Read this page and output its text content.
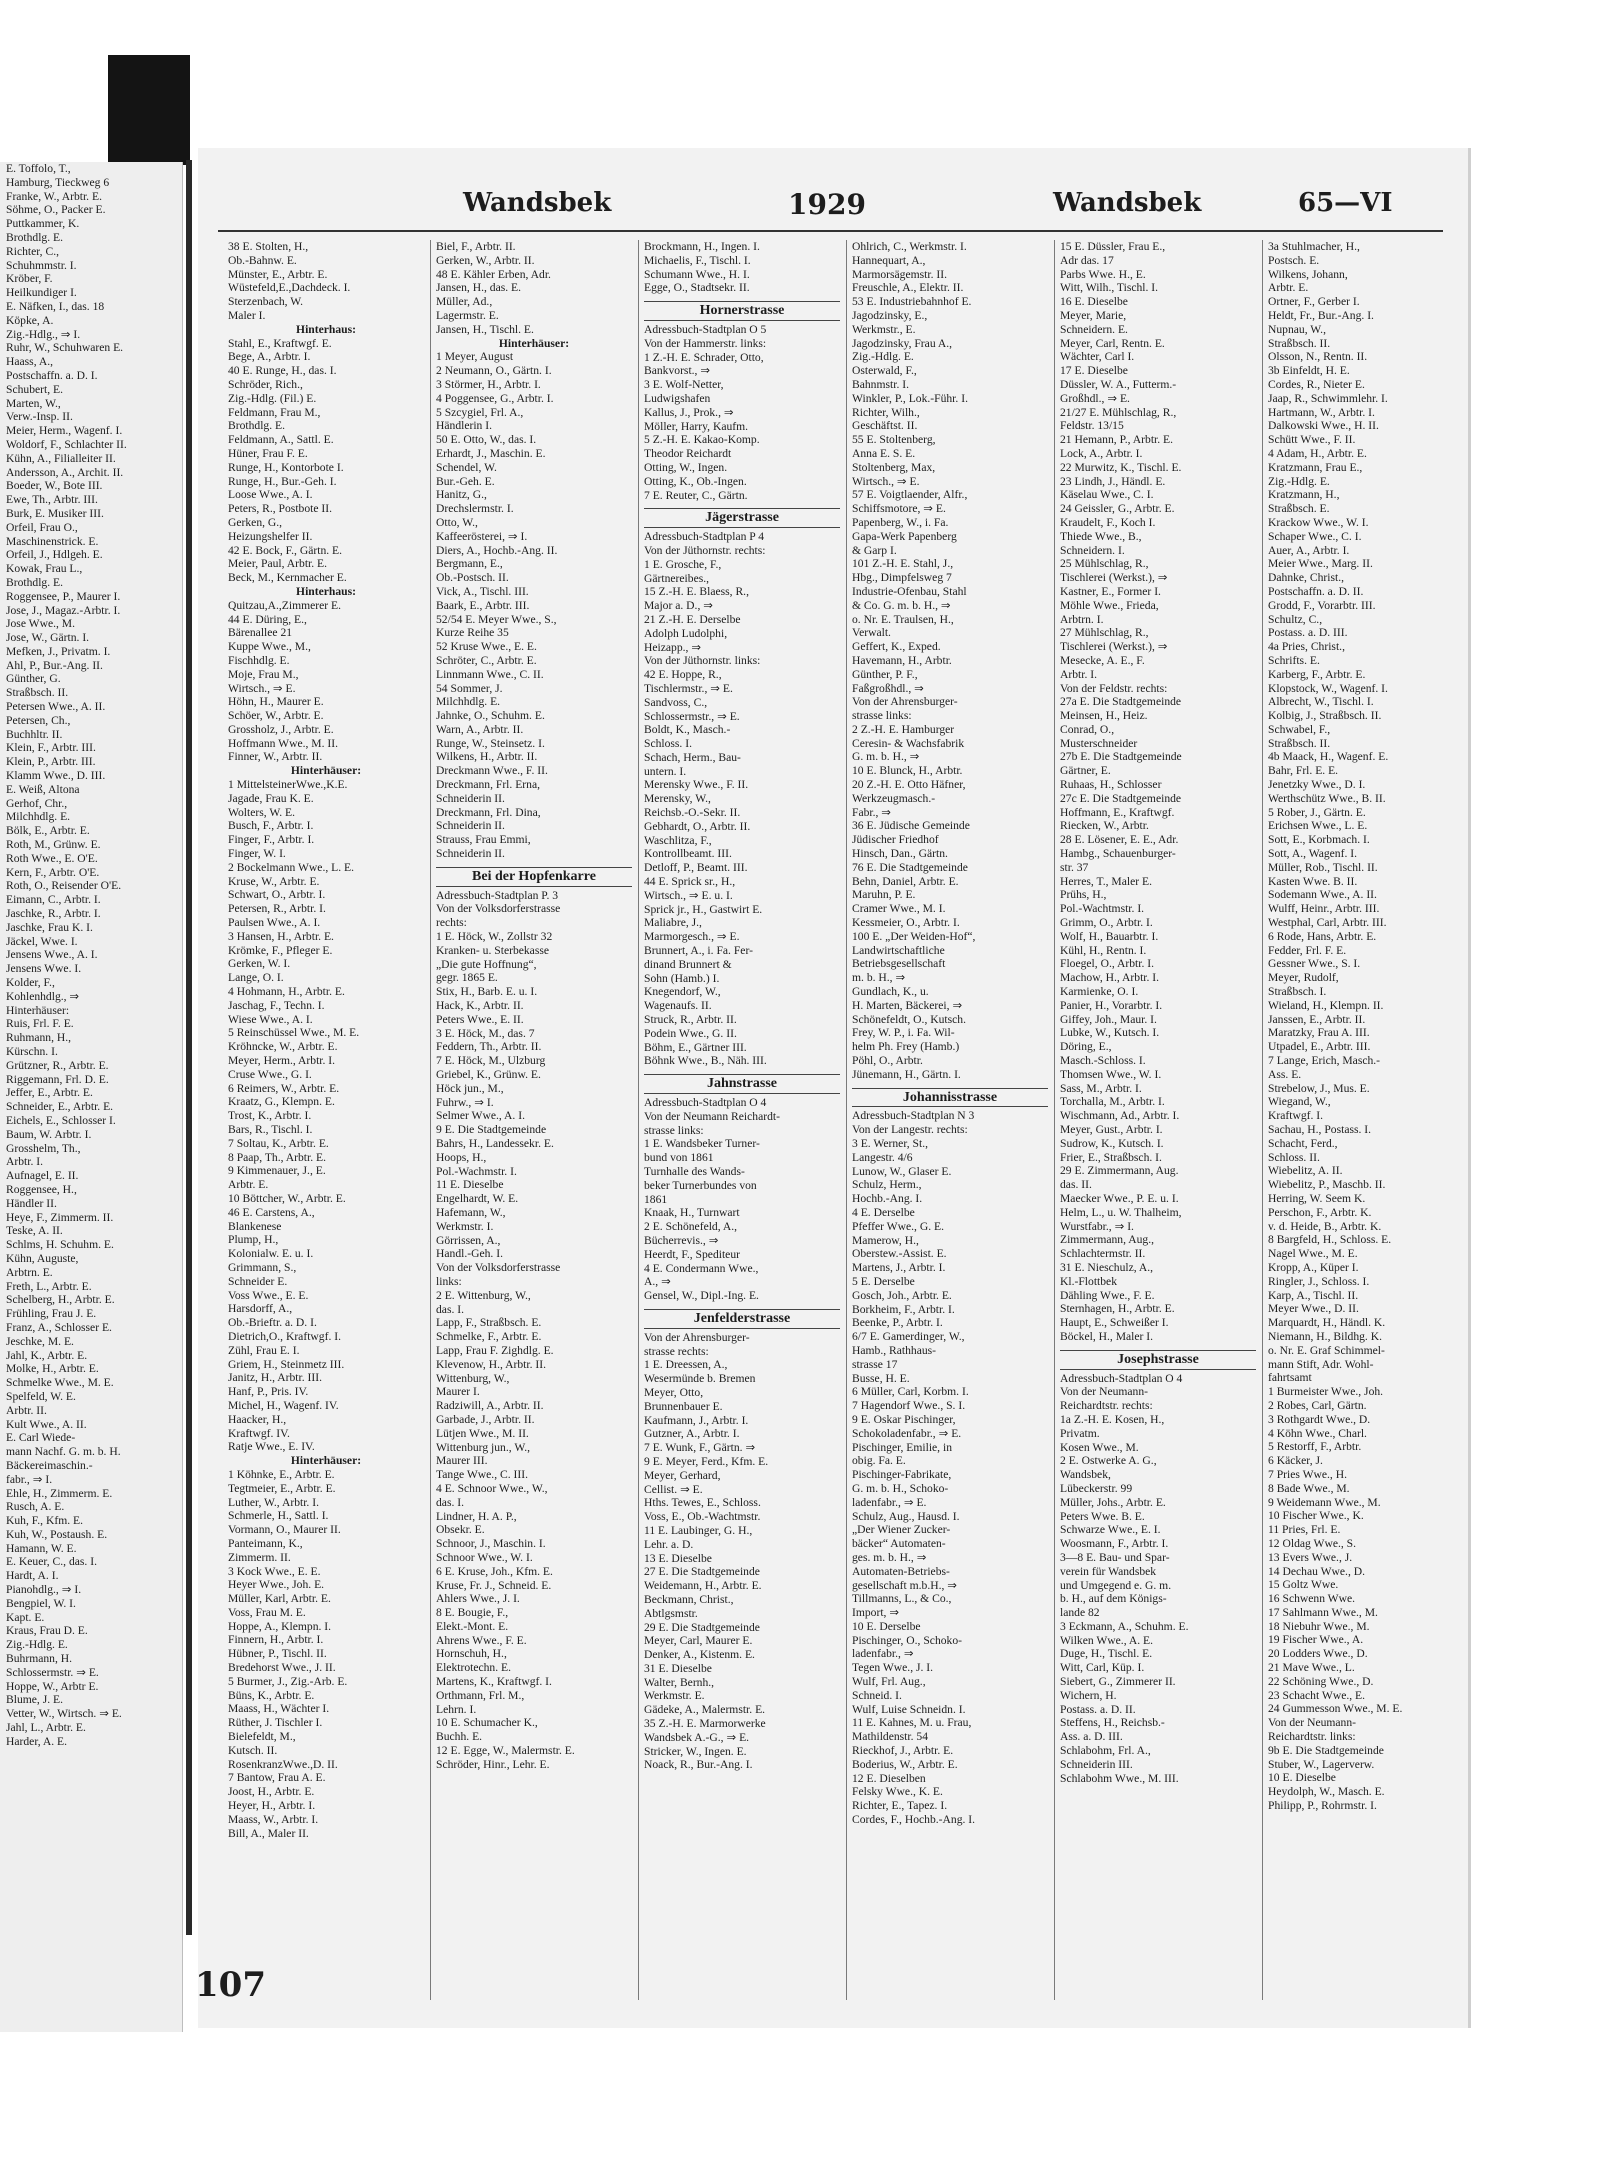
E. Toffolo, T.,

Hamburg, Tieckweg 6

Franke, W., Arbtr. E.

Söhme, O., Packer E.

Puttkammer, K.

Brothdlg. E.

Richter, C.,

Schuhmmstr. I.

Kröber, F.

Heilkundiger I.

E. Näfken, I., das. 18

Köpke, A.

Zig.-Hdlg., ⇒ I.

Ruhr, W., Schuhwaren E.

Haass, A.,

Postschaffn. a. D. I.

Schubert, E.

Marten, W.,

Verw.-Insp. II.

Meier, Herm., Wagenf. I.

Woldorf, F., Schlachter II.

Kühn, A., Filialleiter II.

Andersson, A., Archit. II.

Boeder, W., Bote III.

Ewe, Th., Arbtr. III.

Burk, E. Musiker III.

Orfeil, Frau O.,

Maschinenstrick. E.

Orfeil, J., Hdlgeh. E.

Kowak, Frau L.,

Brothdlg. E.

Roggensee, P., Maurer I.

Jose, J., Magaz.-Arbtr. I.

Jose Wwe., M.

Jose, W., Gärtn. I.

Mefken, J., Privatm. I.

Ahl, P., Bur.-Ang. II.

Günther, G.

Straßbsch. II.

Petersen Wwe., A. II.

Petersen, Ch.,

Buchhltr. II.

Klein, F., Arbtr. III.

Klein, P., Arbtr. III.

Klamm Wwe., D. III.

E. Weiß, Altona

Gerhof, Chr.,

Milchhdlg. E.

Bölk, E., Arbtr. E.

Roth, M., Grünw. E.

Roth Wwe., E. O'E.

Kern, F., Arbtr. O'E.

Roth, O., Reisender O'E.

Eimann, C., Arbtr. I.

Jaschke, R., Arbtr. I.

Jaschke, Frau K. I.

Jäckel, Wwe. I.

Jensens Wwe., A. I.

Jensens Wwe. I.

Kolder, F.,

Kohlenhdlg., ⇒

Hinterhäuser:

Ruis, Frl. F. E.

Ruhmann, H.,

Kürschn. I.

Grützner, R., Arbtr. E.

Riggemann, Frl. D. E.

Jeffer, E., Arbtr. E.

Schneider, E., Arbtr. E.

Eichels, E., Schlosser I.

Baum, W. Arbtr. I.

Grosshelm, Th.,

Arbtr. I.

Aufnagel, E. II.

Roggensee, H.,

Händler II.

Heye, F., Zimmerm. II.

Teske, A. II.

Schlms, H. Schuhm. E.

Kühn, Auguste,

Arbtrn. E.

Freth, L., Arbtr. E.

Schelberg, H., Arbtr. E.

Frühling, Frau J. E.

Franz, A., Schlosser E.

Jeschke, M. E.

Jahl, K., Arbtr. E.

Molke, H., Arbtr. E.

Schmelke Wwe., M. E.

Spelfeld, W. E.

Arbtr. II.

Kult Wwe., A. II.

E. Carl Wiede-

mann Nachf. G. m. b. H.

Bäckereimaschin.-

fabr., ⇒ I.

Ehle, H., Zimmerm. E.

Rusch, A. E.

Kuh, F., Kfm. E.

Kuh, W., Postaush. E.

Hamann, W. E.

E. Keuer, C., das. I.

Hardt, A. I.

Pianohdlg., ⇒ I.

Bengpiel, W. I.

Kapt. E.

Kraus, Frau D. E.

Zig.-Hdlg. E.

Buhrmann, H.

Schlossermstr. ⇒ E.

Hoppe, W., Arbtr E.

Blume, J. E.

Vetter, W., Wirtsch. ⇒ E.

Jahl, L., Arbtr. E.

Harder, A. E.

Wandsbek	1929	Wandsbek	65—VI

38 E. Stolten, H.,

Ob.-Bahnw. E.

Münster, E., Arbtr. E.

Wüstefeld,E.,Dachdeck. I.

Sterzenbach, W.

Maler I.

Hinterhaus:

Stahl, E., Kraftwgf. E.

Bege, A., Arbtr. I.

40 E. Runge, H., das. I.

Schröder, Rich.,

Zig.-Hdlg. (Fil.) E.

Feldmann, Frau M.,

Brothdlg. E.

Feldmann, A., Sattl. E.

Hüner, Frau F. E.

Runge, H., Kontorbote I.

Runge, H., Bur.-Geh. I.

Loose Wwe., A. I.

Peters, R., Postbote II.

Gerken, G.,

Heizungshelfer II.

42 E. Bock, F., Gärtn. E.

Meier, Paul, Arbtr. E.

Beck, M., Kernmacher E.

Hinterhaus:

Quitzau,A.,Zimmerer E.

44 E. Düring, E.,

Bärenallee 21

Kuppe Wwe., M.,

Fischhdlg. E.

Moje, Frau M.,

Wirtsch., ⇒ E.

Höhn, H., Maurer E.

Schöer, W., Arbtr. E.

Grossholz, J., Arbtr. E.

Hoffmann Wwe., M. II.

Finner, W., Arbtr. II.

Hinterhäuser:

1 MittelsteinerWwe.,K.E.

Jagade, Frau K. E.

Wolters, W. E.

Busch, F., Arbtr. I.

Finger, F., Arbtr. I.

Finger, W. I.

2 Bockelmann Wwe., L. E.

Kruse, W., Arbtr. E.

Schwart, O., Arbtr. I.

Petersen, R., Arbtr. I.

Paulsen Wwe., A. I.

3 Hansen, H., Arbtr. E.

Krömke, F., Pfleger E.

Gerken, W. I.

Lange, O. I.

4 Hohmann, H., Arbtr. E.

Jaschag, F., Techn. I.

Wiese Wwe., A. I.

5 Reinschüssel Wwe., M. E.

Kröhncke, W., Arbtr. E.

Meyer, Herm., Arbtr. I.

Cruse Wwe., G. I.

6 Reimers, W., Arbtr. E.

Kraatz, G., Klempn. E.

Trost, K., Arbtr. I.

Bars, R., Tischl. I.

7 Soltau, K., Arbtr. E.

8 Paap, Th., Arbtr. E.

9 Kimmenauer, J., E.

Arbtr. E.

10 Böttcher, W., Arbtr. E.

46 E. Carstens, A.,

Blankenese

Plump, H.,

Kolonialw. E. u. I.

Grimmann, S.,

Schneider E.

Voss Wwe., E. E.

Harsdorff, A.,

Ob.-Brieftr. a. D. I.

Dietrich,O., Kraftwgf. I.

Zühl, Frau E. I.

Griem, H., Steinmetz III.

Janitz, H., Arbtr. III.

Hanf, P., Pris. IV.

Michel, H., Wagenf. IV.

Haacker, H.,

Kraftwgf. IV.

Ratje Wwe., E. IV.

Hinterhäuser:

1 Köhnke, E., Arbtr. E.

Tegtmeier, E., Arbtr. E.

Luther, W., Arbtr. I.

Schmerle, H., Sattl. I.

Vormann, O., Maurer II.

Panteimann, K.,

Zimmerm. II.

3 Kock Wwe., E. E.

Heyer Wwe., Joh. E.

Müller, Karl, Arbtr. E.

Voss, Frau M. E.

Hoppe, A., Klempn. I.

Finnern, H., Arbtr. I.

Hübner, P., Tischl. II.

Bredehorst Wwe., J. II.

5 Burmer, J., Zig.-Arb. E.

Büns, K., Arbtr. E.

Maass, H., Wächter I.

Rüther, J. Tischler I.

Bielefeldt, M.,

Kutsch. II.

RosenkranzWwe.,D. II.

7 Bantow, Frau A. E.

Joost, H., Arbtr. E.

Heyer, H., Arbtr. I.

Maass, W., Arbtr. I.

Bill, A., Maler II.

Biel, F., Arbtr. II.

Gerken, W., Arbtr. II.

48 E. Kähler Erben, Adr.

Jansen, H., das. E.

Müller, Ad.,

Lagermstr. E.

Jansen, H., Tischl. E.

Hinterhäuser:

1 Meyer, August

2 Neumann, O., Gärtn. I.

3 Störmer, H., Arbtr. I.

4 Poggensee, G., Arbtr. I.

5 Szcygiel, Frl. A.,

Händlerin I.

50 E. Otto, W., das. I.

Erhardt, J., Maschin. E.

Schendel, W.

Bur.-Geh. E.

Hanitz, G.,

Drechslermstr. I.

Otto, W.,

Kaffeerösterei, ⇒ I.

Diers, A., Hochb.-Ang. II.

Bergmann, E.,

Ob.-Postsch. II.

Vick, A., Tischl. III.

Baark, E., Arbtr. III.

52/54 E. Meyer Wwe., S.,

Kurze Reihe 35

52 Kruse Wwe., E. E.

Schröter, C., Arbtr. E.

Linnmann Wwe., C. II.

54 Sommer, J.

Milchhdlg. E.

Jahnke, O., Schuhm. E.

Warn, A., Arbtr. II.

Runge, W., Steinsetz. I.

Wilkens, H., Arbtr. II.

Dreckmann Wwe., F. II.

Dreckmann, Frl. Erna,

Schneiderin II.

Dreckmann, Frl. Dina,

Schneiderin II.

Strauss, Frau Emmi,

Schneiderin II.

Bei der Hopfenkarre

Adressbuch-Stadtplan P. 3

Von der Volksdorferstrasse

rechts:

1 E. Höck, W., Zollstr 32

Kranken- u. Sterbekasse

„Die gute Hoffnung“,

gegr. 1865 E.

Stix, H., Barb. E. u. I.

Hack, K., Arbtr. II.

Peters Wwe., E. II.

3 E. Höck, M., das. 7

Feddern, Th., Arbtr. II.

7 E. Höck, M., Ulzburg

Griebel, K., Grünw. E.

Höck jun., M.,

Fuhrw., ⇒ I.

Selmer Wwe., A. I.

9 E. Die Stadtgemeinde

Bahrs, H., Landessekr. E.

Hoops, H.,

Pol.-Wachmstr. I.

11 E. Dieselbe

Engelhardt, W. E.

Hafemann, W.,

Werkmstr. I.

Görrissen, A.,

Handl.-Geh. I.

Von der Volksdorferstrasse

links:

2 E. Wittenburg, W.,

das. I.

Lapp, F., Straßbsch. E.

Schmelke, F., Arbtr. E.

Lapp, Frau F. Zighdlg. E.

Klevenow, H., Arbtr. II.

Wittenburg, W.,

Maurer I.

Radziwill, A., Arbtr. II.

Garbade, J., Arbtr. II.

Lütjen Wwe., M. II.

Wittenburg jun., W.,

Maurer III.

Tange Wwe., C. III.

4 E. Schnoor Wwe., W.,

das. I.

Lindner, H. A. P.,

Obsekr. E.

Schnoor, J., Maschin. I.

Schnoor Wwe., W. I.

6 E. Kruse, Joh., Kfm. E.

Kruse, Fr. J., Schneid. E.

Ahlers Wwe., J. I.

8 E. Bougie, F.,

Elekt.-Mont. E.

Ahrens Wwe., F. E.

Hornschuh, H.,

Elektrotechn. E.

Martens, K., Kraftwgf. I.

Orthmann, Frl. M.,

Lehrn. I.

10 E. Schumacher K.,

Buchh. E.

12 E. Egge, W., Malermstr. E.

Schröder, Hinr., Lehr. E.

Brockmann, H., Ingen. I.

Michaelis, F., Tischl. I.

Schumann Wwe., H. I.

Egge, O., Stadtsekr. II.

Hornerstrasse

Adressbuch-Stadtplan O 5

Von der Hammerstr. links:

1 Z.-H. E. Schrader, Otto,

Bankvorst., ⇒

3 E. Wolf-Netter,

Ludwigshafen

Kallus, J., Prok., ⇒

Möller, Harry, Kaufm.

5 Z.-H. E. Kakao-Komp.

Theodor Reichardt

Otting, W., Ingen.

Otting, K., Ob.-Ingen.

7 E. Reuter, C., Gärtn.

Jägerstrasse

Adressbuch-Stadtplan P 4

Von der Jüthornstr. rechts:

1 E. Grosche, F.,

Gärtnereibes.,

15 Z.-H. E. Blaess, R.,

Major a. D., ⇒

21 Z.-H. E. Derselbe

Adolph Ludolphi,

Heizapp., ⇒

Von der Jüthornstr. links:

42 E. Hoppe, R.,

Tischlermstr., ⇒ E.

Sandvoss, C.,

Schlossermstr., ⇒ E.

Boldt, K., Masch.-

Schloss. I.

Schach, Herm., Bau-

untern. I.

Merensky Wwe., F. II.

Merensky, W.,

Reichsb.-O.-Sekr. II.

Gebhardt, O., Arbtr. II.

Waschlitza, F.,

Kontrollbeamt. III.

Detloff, P., Beamt. III.

44 E. Sprick sr., H.,

Wirtsch., ⇒ E. u. I.

Sprick jr., H., Gastwirt E.

Maliabre, J.,

Marmorgesch., ⇒ E.

Brunnert, A., i. Fa. Fer-

dinand Brunnert &

Sohn (Hamb.) I.

Knegendorf, W.,

Wagenaufs. II.

Struck, R., Arbtr. II.

Podein Wwe., G. II.

Böhm, E., Gärtner III.

Böhnk Wwe., B., Näh. III.

Jahnstrasse

Adressbuch-Stadtplan O 4

Von der Neumann Reichardt-

strasse links:

1 E. Wandsbeker Turner-

bund von 1861

Turnhalle des Wands-

beker Turnerbundes von

1861

Knaak, H., Turnwart

2 E. Schönefeld, A.,

Bücherrevis., ⇒

Heerdt, F., Spediteur

4 E. Condermann Wwe.,

A., ⇒

Gensel, W., Dipl.-Ing. E.

Jenfelderstrasse

Von der Ahrensburger-

strasse rechts:

1 E. Dreessen, A.,

Wesermünde b. Bremen

Meyer, Otto,

Brunnenbauer E.

Kaufmann, J., Arbtr. I.

Gutzner, A., Arbtr. I.

7 E. Wunk, F., Gärtn. ⇒

9 E. Meyer, Ferd., Kfm. E.

Meyer, Gerhard,

Cellist. ⇒ E.

Hths. Tewes, E., Schloss.

Voss, E., Ob.-Wachtmstr.

11 E. Laubinger, G. H.,

Lehr. a. D.

13 E. Dieselbe

27 E. Die Stadtgemeinde

Weidemann, H., Arbtr. E.

Beckmann, Christ.,

Abtlgsmstr.

29 E. Die Stadtgemeinde

Meyer, Carl, Maurer E.

Denker, A., Kistenm. E.

31 E. Dieselbe

Walter, Bernh.,

Werkmstr. E.

Gädeke, A., Malermstr. E.

35 Z.-H. E. Marmorwerke

Wandsbek A.-G., ⇒ E.

Stricker, W., Ingen. E.

Noack, R., Bur.-Ang. I.

Ohlrich, C., Werkmstr. I.

Hannequart, A.,

Marmorsägemstr. II.

Freuschle, A., Elektr. II.

53 E. Industriebahnhof E.

Jagodzinsky, E.,

Werkmstr., E.

Jagodzinsky, Frau A.,

Zig.-Hdlg. E.

Osterwald, F.,

Bahnmstr. I.

Winkler, P., Lok.-Führ. I.

Richter, Wilh.,

Geschäftst. II.

55 E. Stoltenberg,

Anna E. S. E.

Stoltenberg, Max,

Wirtsch., ⇒ E.

57 E. Voigtlaender, Alfr.,

Schiffsmotore, ⇒ E.

Papenberg, W., i. Fa.

Gapa-Werk Papenberg

& Garp I.

101 Z.-H. E. Stahl, J.,

Hbg., Dimpfelsweg 7

Industrie-Ofenbau, Stahl

& Co. G. m. b. H., ⇒

o. Nr. E. Traulsen, H.,

Verwalt.

Geffert, K., Exped.

Havemann, H., Arbtr.

Günther, P. F.,

Faßgroßhdl., ⇒

Von der Ahrensburger-

strasse links:

2 Z.-H. E. Hamburger

Ceresin- & Wachsfabrik

G. m. b. H., ⇒

10 E. Blunck, H., Arbtr.

20 Z.-H. E. Otto Häfner,

Werkzeugmasch.-

Fabr., ⇒

36 E. Jüdische Gemeinde

Jüdischer Friedhof

Hinsch, Dan., Gärtn.

76 E. Die Stadtgemeinde

Behn, Daniel, Arbtr. E.

Maruhn, P. E.

Cramer Wwe., M. I.

Kessmeier, O., Arbtr. I.

100 E. „Der Weiden-Hof“,

Landwirtschaftliche

Betriebsgesellschaft

m. b. H., ⇒

Gundlach, K., u.

H. Marten, Bäckerei, ⇒

Schönefeldt, O., Kutsch.

Frey, W. P., i. Fa. Wil-

helm Ph. Frey (Hamb.)

Pöhl, O., Arbtr.

Jünemann, H., Gärtn. I.

Johannisstrasse

Adressbuch-Stadtplan N 3

Von der Langestr. rechts:

3 E. Werner, St.,

Langestr. 4/6

Lunow, W., Glaser E.

Schulz, Herm.,

Hochb.-Ang. I.

4 E. Derselbe

Pfeffer Wwe., G. E.

Mamerow, H.,

Oberstew.-Assist. E.

Martens, J., Arbtr. I.

5 E. Derselbe

Gosch, Joh., Arbtr. E.

Borkheim, F., Arbtr. I.

Beenke, P., Arbtr. I.

6/7 E. Gamerdinger, W.,

Hamb., Rathhaus-

strasse 17

Busse, H. E.

6 Müller, Carl, Korbm. I.

7 Hagendorf Wwe., S. I.

9 E. Oskar Pischinger,

Schokoladenfabr., ⇒ E.

Pischinger, Emilie, in

obig. Fa. E.

Pischinger-Fabrikate,

G. m. b. H., Schoko-

ladenfabr., ⇒ E.

Schulz, Aug., Hausd. I.

„Der Wiener Zucker-

bäcker“ Automaten-

ges. m. b. H., ⇒

Automaten-Betriebs-

gesellschaft m.b.H., ⇒

Tillmanns, L., & Co.,

Import, ⇒

10 E. Derselbe

Pischinger, O., Schoko-

ladenfabr., ⇒

Tegen Wwe., J. I.

Wulf, Frl. Aug.,

Schneid. I.

Wulf, Luise Schneidn. I.

11 E. Kahnes, M. u. Frau,

Mathildenstr. 54

Rieckhof, J., Arbtr. E.

Boderius, W., Arbtr. E.

12 E. Dieselben

Felsky Wwe., K. E.

Richter, E., Tapez. I.

Cordes, F., Hochb.-Ang. I.

15 E. Düssler, Frau E.,

Adr das. 17

Parbs Wwe. H., E.

Witt, Wilh., Tischl. I.

16 E. Dieselbe

Meyer, Marie,

Schneidern. E.

Meyer, Carl, Rentn. E.

Wächter, Carl I.

17 E. Dieselbe

Düssler, W. A., Futterm.-

Großhdl., ⇒ E.

21/27 E. Mühlschlag, R.,

Feldstr. 13/15

21 Hemann, P., Arbtr. E.

Lock, A., Arbtr. I.

22 Murwitz, K., Tischl. E.

23 Lindh, J., Händl. E.

Käselau Wwe., C. I.

24 Geissler, G., Arbtr. E.

Kraudelt, F., Koch I.

Thiede Wwe., B.,

Schneidern. I.

25 Mühlschlag, R.,

Tischlerei (Werkst.), ⇒

Kastner, E., Former I.

Möhle Wwe., Frieda,

Arbtrn. I.

27 Mühlschlag, R.,

Tischlerei (Werkst.), ⇒

Mesecke, A. E., F.

Arbtr. I.

Von der Feldstr. rechts:

27a E. Die Stadtgemeinde

Meinsen, H., Heiz.

Conrad, O.,

Musterschneider

27b E. Die Stadtgemeinde

Gärtner, E.

Ruhaas, H., Schlosser

27c E. Die Stadtgemeinde

Hoffmann, E., Kraftwgf.

Riecken, W., Arbtr.

28 E. Lösener, E. E., Adr.

Hambg., Schauenburger-

str. 37

Herres, T., Maler E.

Prühs, H.,

Pol.-Wachtmstr. I.

Grimm, O., Arbtr. I.

Wolf, H., Bauarbtr. I.

Kühl, H., Rentn. I.

Floegel, O., Arbtr. I.

Machow, H., Arbtr. I.

Karmienke, O. I.

Panier, H., Vorarbtr. I.

Giffey, Joh., Maur. I.

Lubke, W., Kutsch. I.

Döring, E.,

Masch.-Schloss. I.

Thomsen Wwe., W. I.

Sass, M., Arbtr. I.

Torchalla, M., Arbtr. I.

Wischmann, Ad., Arbtr. I.

Meyer, Gust., Arbtr. I.

Sudrow, K., Kutsch. I.

Frier, E., Straßbsch. I.

29 E. Zimmermann, Aug.

das. II.

Maecker Wwe., P. E. u. I.

Helm, L., u. W. Thalheim,

Wurstfabr., ⇒ I.

Zimmermann, Aug.,

Schlachtermstr. II.

31 E. Nieschulz, A.,

Kl.-Flottbek

Dähling Wwe., F. E.

Sternhagen, H., Arbtr. E.

Haupt, E., Schweißer I.

Böckel, H., Maler I.

Josephstrasse

Adressbuch-Stadtplan O 4

Von der Neumann-

Reichardtstr. rechts:

1a Z.-H. E. Kosen, H.,

Privatm.

Kosen Wwe., M.

2 E. Ostwerke A. G.,

Wandsbek,

Lübeckerstr. 99

Müller, Johs., Arbtr. E.

Peters Wwe. B. E.

Schwarze Wwe., E. I.

Woosmann, F., Arbtr. I.

3—8 E. Bau- und Spar-

verein für Wandsbek

und Umgegend e. G. m.

b. H., auf dem Königs-

lande 82

3 Eckmann, A., Schuhm. E.

Wilken Wwe., A. E.

Duge, H., Tischl. E.

Witt, Carl, Küp. I.

Siebert, G., Zimmerer II.

Wichern, H.

Postass. a. D. II.

Steffens, H., Reichsb.-

Ass. a. D. III.

Schlabohm, Frl. A.,

Schneiderin III.

Schlabohm Wwe., M. III.

3a Stuhlmacher, H.,

Postsch. E.

Wilkens, Johann,

Arbtr. E.

Ortner, F., Gerber I.

Heldt, Fr., Bur.-Ang. I.

Nupnau, W.,

Straßbsch. II.

Olsson, N., Rentn. II.

3b Einfeldt, H. E.

Cordes, R., Nieter E.

Jaap, R., Schwimmlehr. I.

Hartmann, W., Arbtr. I.

Dalkowski Wwe., H. II.

Schütt Wwe., F. II.

4 Adam, H., Arbtr. E.

Kratzmann, Frau E.,

Zig.-Hdlg. E.

Kratzmann, H.,

Straßbsch. E.

Krackow Wwe., W. I.

Schaper Wwe., C. I.

Auer, A., Arbtr. I.

Meier Wwe., Marg. II.

Dahnke, Christ.,

Postschaffn. a. D. II.

Grodd, F., Vorarbtr. III.

Schultz, C.,

Postass. a. D. III.

4a Pries, Christ.,

Schrifts. E.

Karberg, F., Arbtr. E.

Klopstock, W., Wagenf. I.

Albrecht, W., Tischl. I.

Kolbig, J., Straßbsch. II.

Schwabel, F.,

Straßbsch. II.

4b Maack, H., Wagenf. E.

Bahr, Frl. E. E.

Jenetzky Wwe., D. I.

Werthschütz Wwe., B. II.

5 Rober, J., Gärtn. E.

Erichsen Wwe., L. E.

Sott, E., Korbmach. I.

Sott, A., Wagenf. I.

Müller, Rob., Tischl. II.

Kasten Wwe. B. II.

Sodemann Wwe., A. II.

Wulff, Heinr., Arbtr. III.

Westphal, Carl, Arbtr. III.

6 Rode, Hans, Arbtr. E.

Fedder, Frl. F. E.

Gessner Wwe., S. I.

Meyer, Rudolf,

Straßbsch. I.

Wieland, H., Klempn. II.

Janssen, E., Arbtr. II.

Maratzky, Frau A. III.

Utpadel, E., Arbtr. III.

7 Lange, Erich, Masch.-

Ass. E.

Strebelow, J., Mus. E.

Wiegand, W.,

Kraftwgf. I.

Sachau, H., Postass. I.

Schacht, Ferd.,

Schloss. II.

Wiebelitz, A. II.

Wiebelitz, P., Maschb. II.

Herring, W. Seem K.

Perschon, F., Arbtr. K.

v. d. Heide, B., Arbtr. K.

8 Bargfeld, H., Schloss. E.

Nagel Wwe., M. E.

Kropp, A., Küper I.

Ringler, J., Schloss. I.

Karp, A., Tischl. II.

Meyer Wwe., D. II.

Marquardt, H., Händl. K.

Niemann, H., Bildhg. K.

o. Nr. E. Graf Schimmel-

mann Stift, Adr. Wohl-

fahrtsamt

1 Burmeister Wwe., Joh.

2 Robes, Carl, Gärtn.

3 Rothgardt Wwe., D.

4 Köhn Wwe., Charl.

5 Restorff, F., Arbtr.

6 Käcker, J.

7 Pries Wwe., H.

8 Bade Wwe., M.

9 Weidemann Wwe., M.

10 Fischer Wwe., K.

11 Pries, Frl. E.

12 Oldag Wwe., S.

13 Evers Wwe., J.

14 Dechau Wwe., D.

15 Goltz Wwe.

16 Schwenn Wwe.

17 Sahlmann Wwe., M.

18 Niebuhr Wwe., M.

19 Fischer Wwe., A.

20 Lodders Wwe., D.

21 Mave Wwe., L.

22 Schöning Wwe., D.

23 Schacht Wwe., E.

24 Gummesson Wwe., M. E.

Von der Neumann-

Reichardtstr. links:

9b E. Die Stadtgemeinde

Stuber, W., Lagerverw.

10 E. Dieselbe

Heydolph, W., Masch. E.

Philipp, P., Rohrmstr. I.

107
